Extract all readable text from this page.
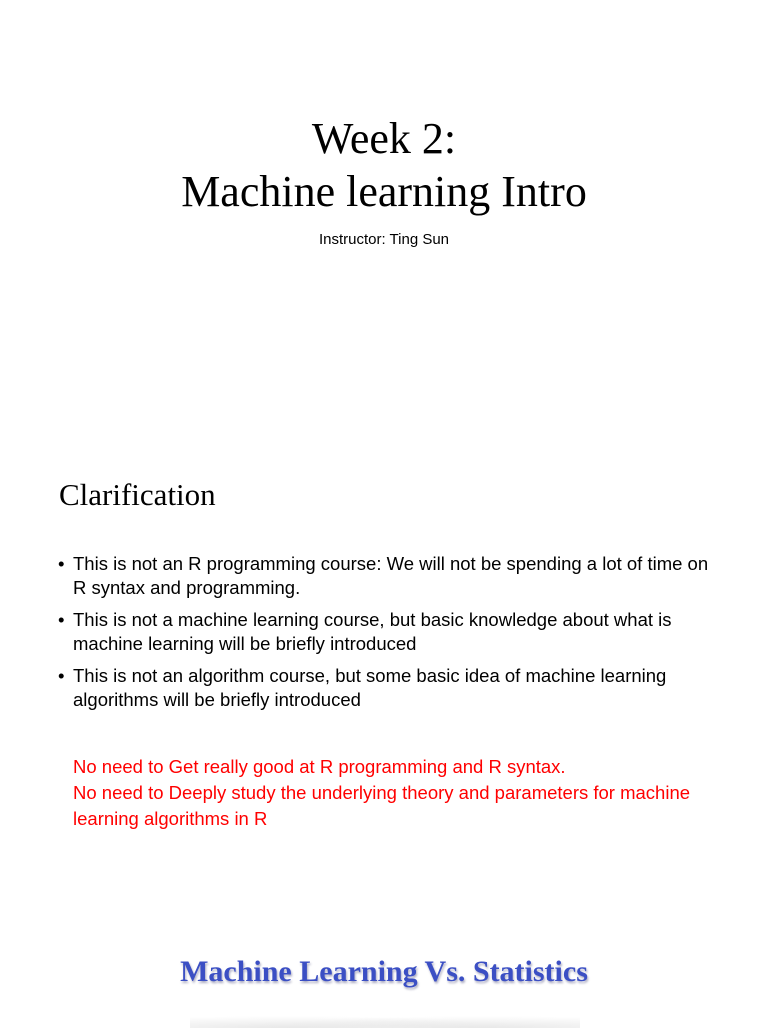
Week 2:
Machine learning Intro
Instructor: Ting Sun
Clarification
• This is not an R programming course: We will not be spending a lot of time on R syntax and programming.
• This is not a machine learning course, but basic knowledge about what is machine learning will be briefly introduced
• This is not an algorithm course, but some basic idea of machine learning algorithms will be briefly introduced
No need to Get really good at R programming and R syntax.
No need to Deeply study the underlying theory and parameters for machine learning algorithms in R
Machine Learning Vs. Statistics
